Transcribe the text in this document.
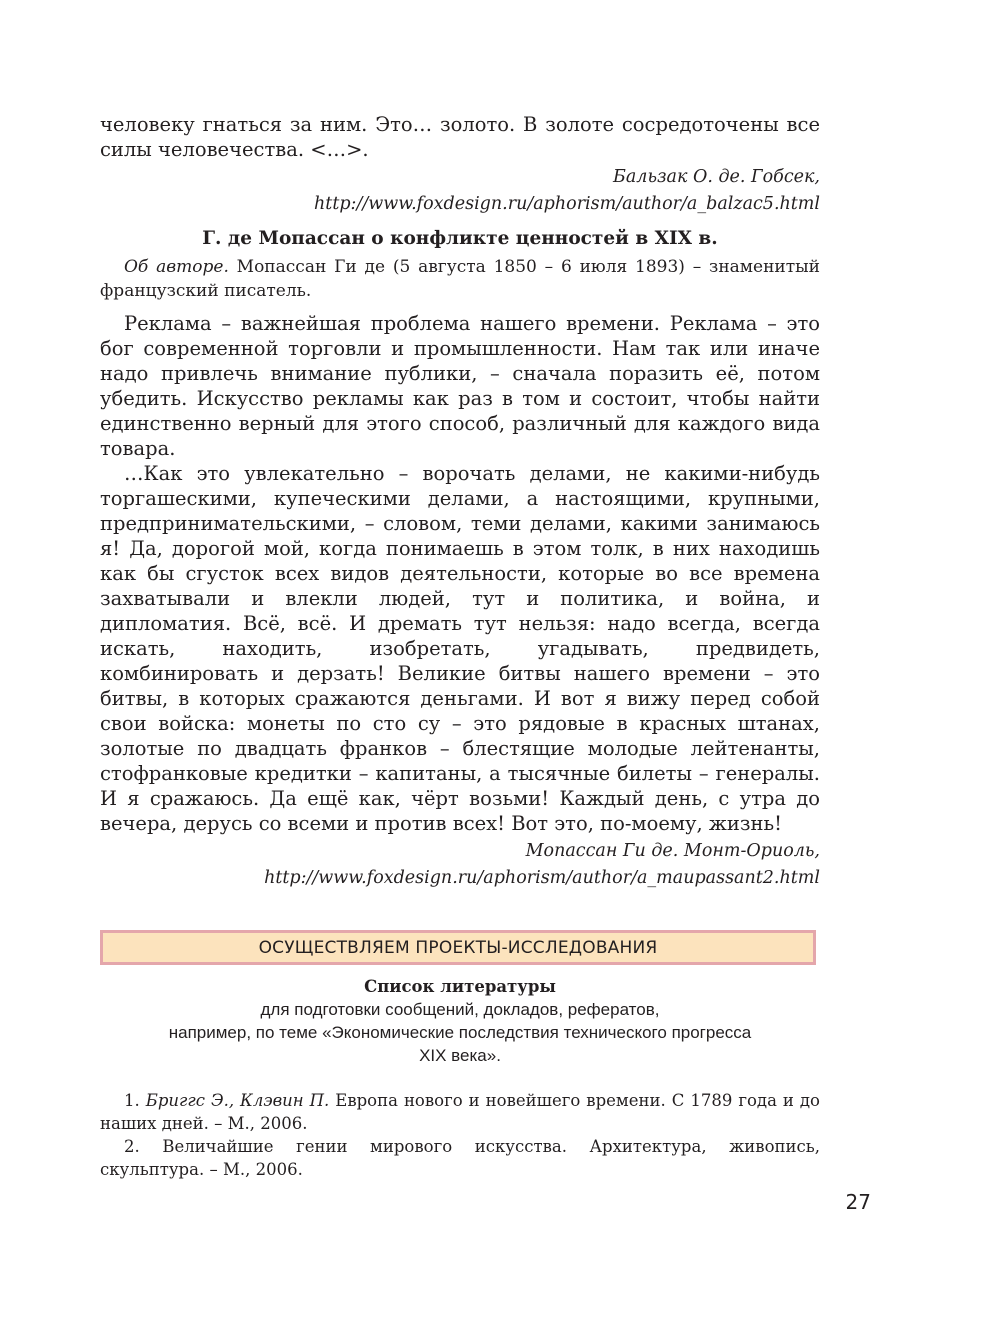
человеку гнаться за ним. Это… золото. В золоте сосредоточены все силы человечества. <…>.

Бальзак О. де. Гобсек,
http://www.foxdesign.ru/aphorism/author/a_balzac5.html

Г. де Мопассан о конфликте ценностей в XIX в.

Об авторе. Мопассан Ги де (5 августа 1850 – 6 июля 1893) – знаменитый французский писатель.

Реклама – важнейшая проблема нашего времени. Реклама – это бог современной торговли и промышленности. Нам так или иначе надо привлечь внимание публики, – сначала поразить её, потом убедить. Искусство рекламы как раз в том и состоит, чтобы найти единственно верный для этого способ, различный для каждого вида товара.

…Как это увлекательно – ворочать делами, не какими-нибудь торгашескими, купеческими делами, а настоящими, крупными, предпринимательскими, – словом, теми делами, какими занимаюсь я! Да, дорогой мой, когда понимаешь в этом толк, в них находишь как бы сгусток всех видов деятельности, которые во все времена захватывали и влекли людей, тут и политика, и война, и дипломатия. Всё, всё. И дремать тут нельзя: надо всегда, всегда искать, находить, изобретать, угадывать, предвидеть, комбинировать и дерзать! Великие битвы нашего времени – это битвы, в которых сражаются деньгами. И вот я вижу перед собой свои войска: монеты по сто су – это рядовые в красных штанах, золотые по двадцать франков – блестящие молодые лейтенанты, стофранковые кредитки – капитаны, а тысячные билеты – генералы. И я сражаюсь. Да ещё как, чёрт возьми! Каждый день, с утра до вечера, дерусь со всеми и против всех! Вот это, по-моему, жизнь!

Мопассан Ги де. Монт-Ориоль,
http://www.foxdesign.ru/aphorism/author/a_maupassant2.html
ОСУЩЕСТВЛЯЕМ ПРОЕКТЫ-ИССЛЕДОВАНИЯ
Список литературы
для подготовки сообщений, докладов, рефератов,
например, по теме «Экономические последствия технического прогресса
XIX века».

1. Бриггс Э., Клэвин П. Европа нового и новейшего времени. С 1789 года и до наших дней. – М., 2006.

2. Величайшие гении мирового искусства. Архитектура, живопись, скульптура. – М., 2006.

27
